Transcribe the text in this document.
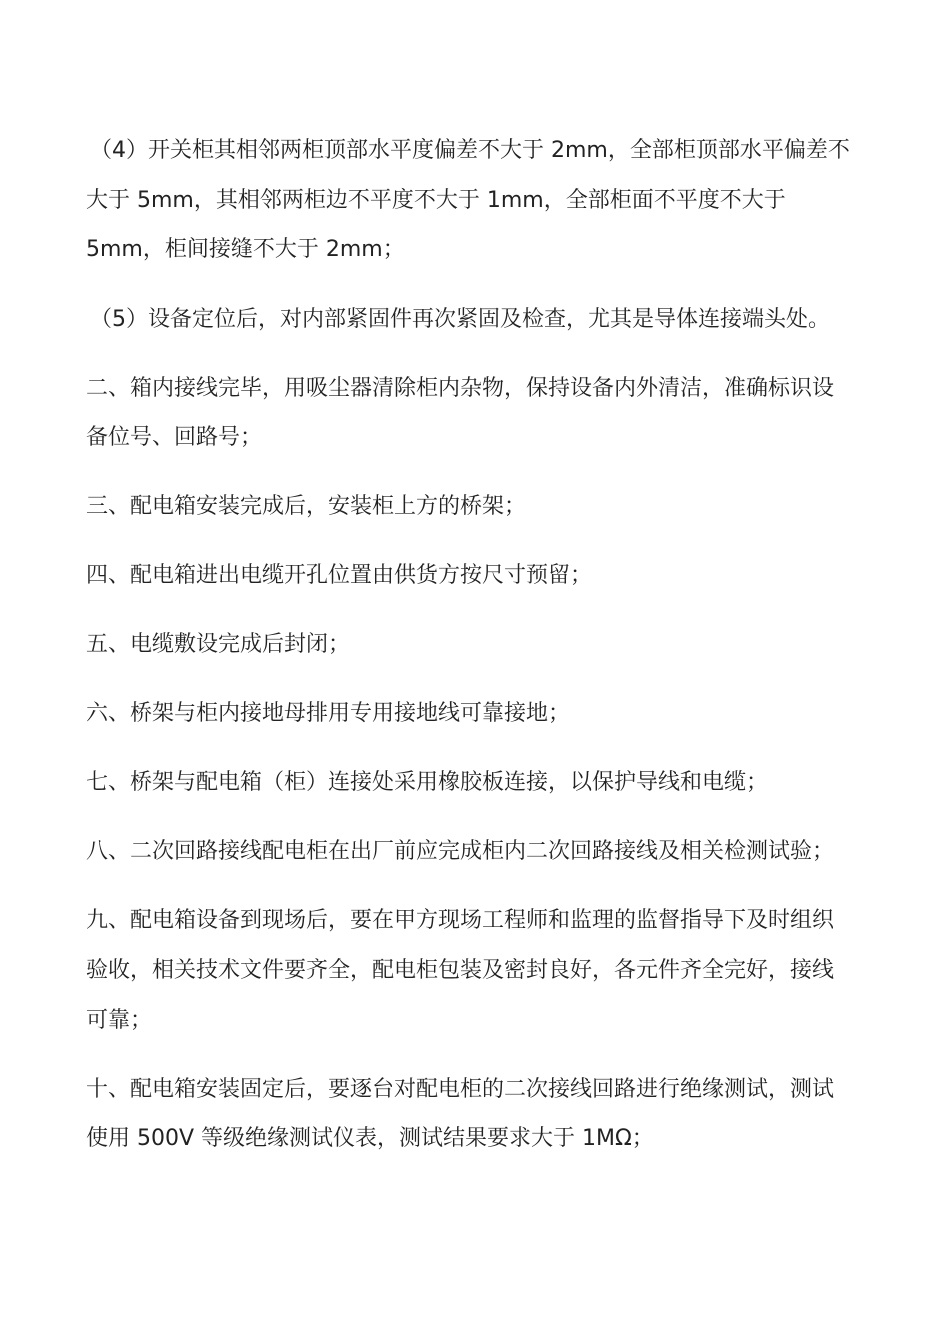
（4）开关柜其相邻两柜顶部水平度偏差不大于 2mm，全部柜顶部水平偏差不

大于 5mm，其相邻两柜边不平度不大于 1mm，全部柜面不平度不大于

5mm，柜间接缝不大于 2mm；

（5）设备定位后，对内部紧固件再次紧固及检查，尤其是导体连接端头处。

二、箱内接线完毕，用吸尘器清除柜内杂物，保持设备内外清洁，准确标识设

备位号、回路号；

三、配电箱安装完成后，安装柜上方的桥架；

四、配电箱进出电缆开孔位置由供货方按尺寸预留；

五、电缆敷设完成后封闭；

六、桥架与柜内接地母排用专用接地线可靠接地；

七、桥架与配电箱（柜）连接处采用橡胶板连接，以保护导线和电缆；

八、二次回路接线配电柜在出厂前应完成柜内二次回路接线及相关检测试验；

九、配电箱设备到现场后，要在甲方现场工程师和监理的监督指导下及时组织

验收，相关技术文件要齐全，配电柜包装及密封良好，各元件齐全完好，接线

可靠；

十、配电箱安装固定后，要逐台对配电柜的二次接线回路进行绝缘测试，测试

使用 500V 等级绝缘测试仪表，测试结果要求大于 1MΩ；
